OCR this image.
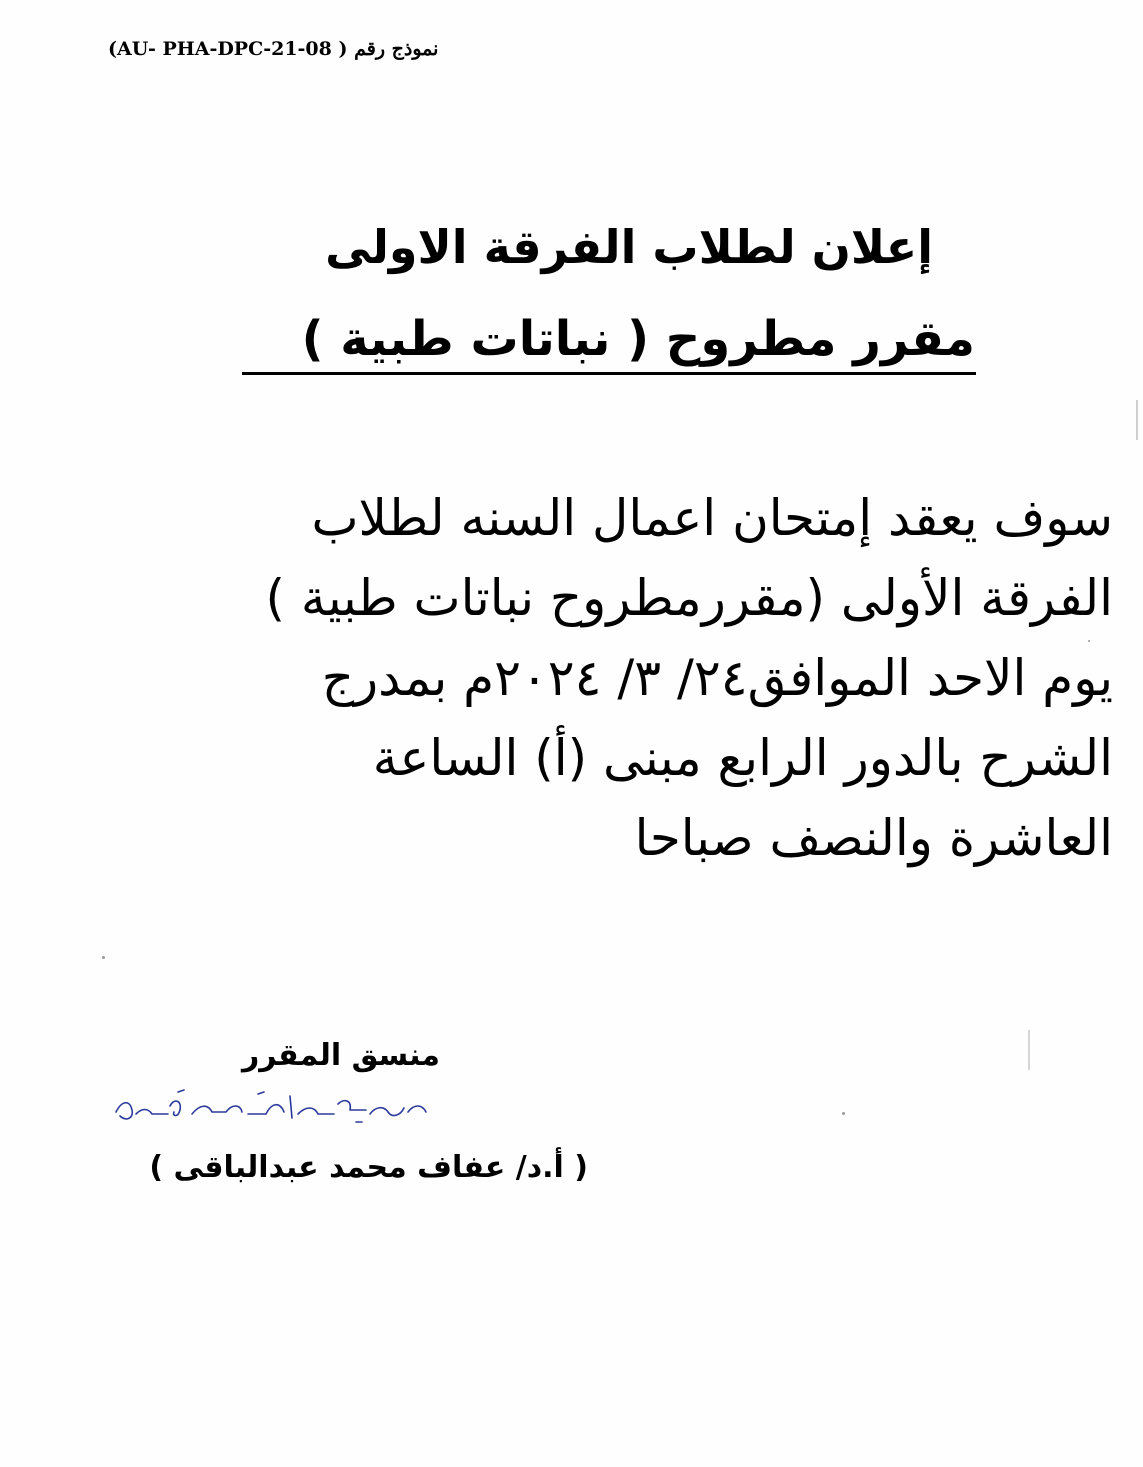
(AU- PHA-DPC-21-08 ) نموذج رقم
إعلان لطلاب الفرقة الاولى
مقرر مطروح ( نباتات طبية )
سوف يعقد إمتحان اعمال السنه لطلاب
الفرقة الأولى (مقررمطروح نباتات طبية )
يوم الاحد الموافق٢٤/ ٣/ ٢٠٢٤م بمدرج
الشرح بالدور الرابع مبنى (أ) الساعة
العاشرة والنصف صباحا
منسق المقرر
( أ.د/ عفاف محمد عبدالباقى )
